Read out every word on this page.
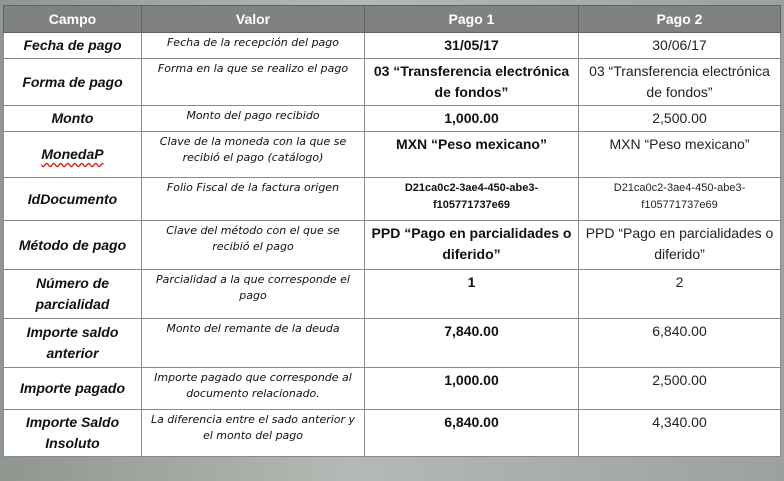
Campo	Valor	Pago 1	Pago 2
Fecha de pago	Fecha de la recepción del pago	31/05/17	30/06/17
Forma de pago	Forma en la que se realizo el pago	03 “Transferencia electrónica de fondos”	03 “Transferencia electrónica de fondos”
Monto	Monto del pago recibido	1,000.00	2,500.00
MonedaP	Clave de la moneda con la que se recibió el pago (catálogo)	MXN “Peso mexicano”	MXN “Peso mexicano”
IdDocumento	Folio Fiscal de la factura origen	D21ca0c2-3ae4-450-abe3-f105771737e69	D21ca0c2-3ae4-450-abe3-f105771737e69
Método de pago	Clave del método con el que se recibió el pago	PPD “Pago en parcialidades o diferido”	PPD “Pago en parcialidades o diferido”
Número de parcialidad	Parcialidad a la que corresponde el pago	1	2
Importe saldo anterior	Monto del remante de la deuda	7,840.00	6,840.00
Importe pagado	Importe pagado que corresponde al documento relacionado.	1,000.00	2,500.00
Importe Saldo Insoluto	La diferencia entre el sado anterior y el monto del pago	6,840.00	4,340.00
